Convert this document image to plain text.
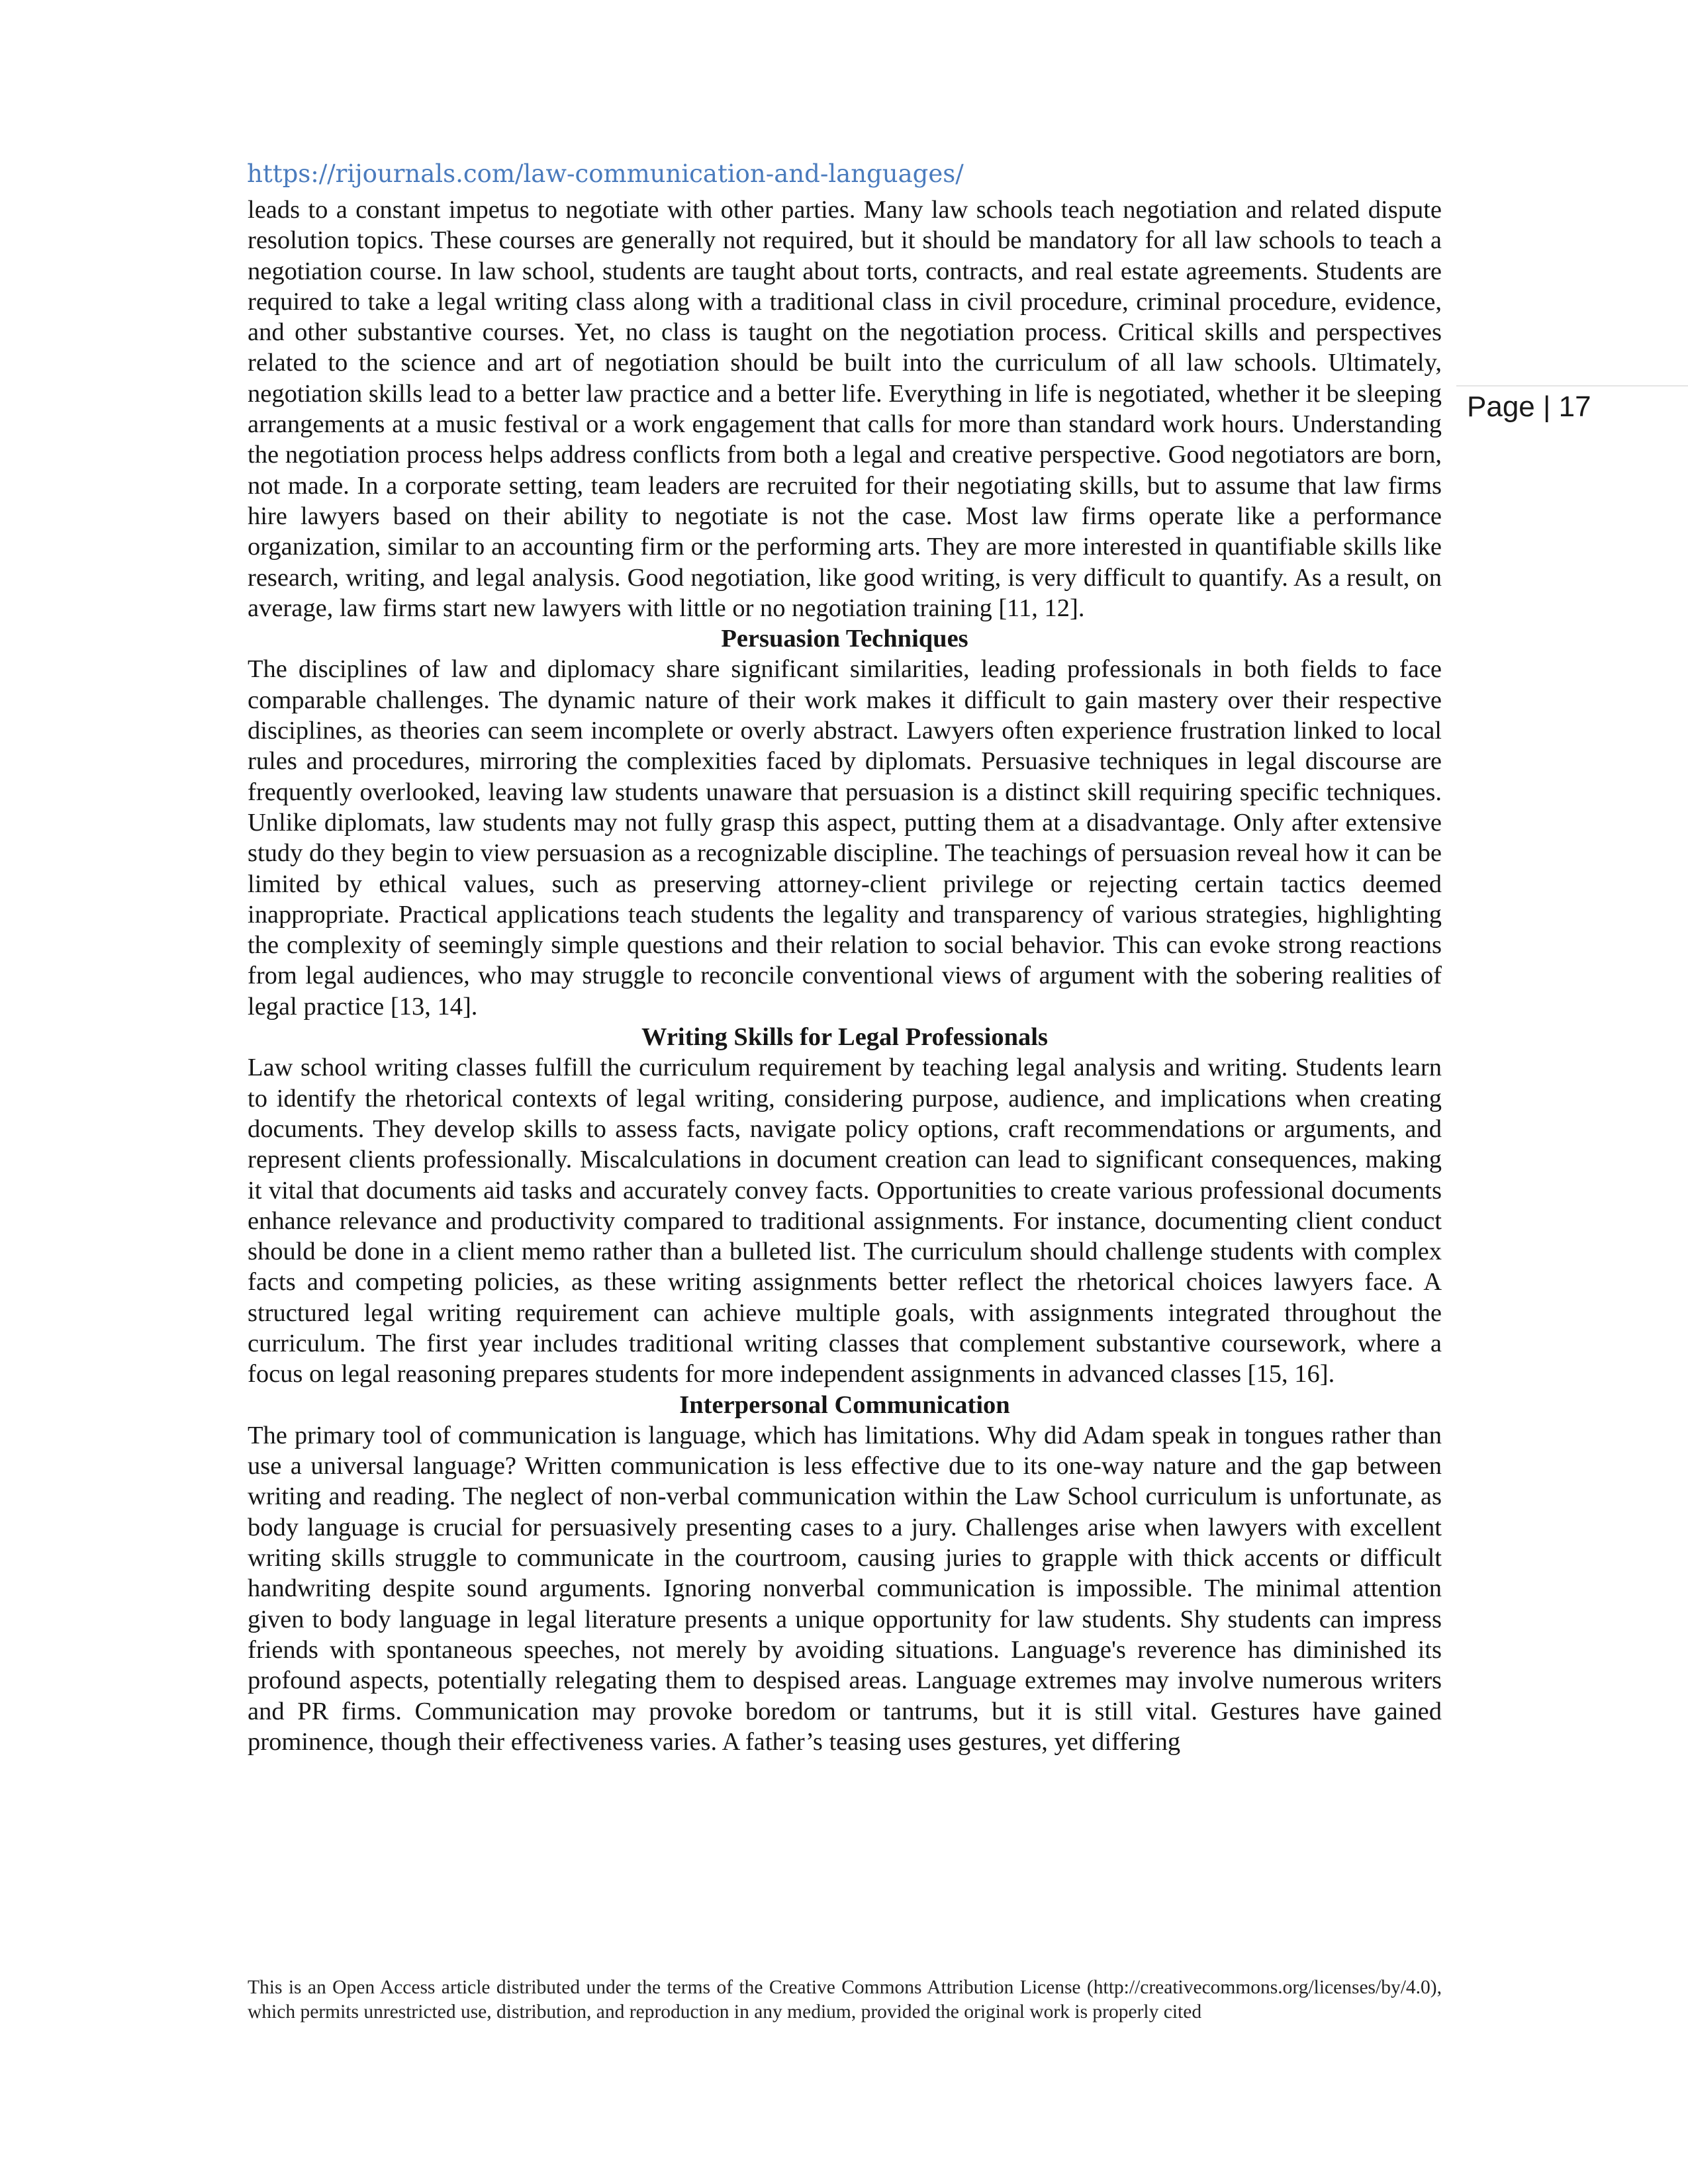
https://rijournals.com/law-communication-and-languages/
Page | 17

leads to a constant impetus to negotiate with other parties. Many law schools teach negotiation and related dispute resolution topics. These courses are generally not required, but it should be mandatory for all law schools to teach a negotiation course. In law school, students are taught about torts, contracts, and real estate agreements. Students are required to take a legal writing class along with a traditional class in civil procedure, criminal procedure, evidence, and other substantive courses. Yet, no class is taught on the negotiation process. Critical skills and perspectives related to the science and art of negotiation should be built into the curriculum of all law schools. Ultimately, negotiation skills lead to a better law practice and a better life. Everything in life is negotiated, whether it be sleeping arrangements at a music festival or a work engagement that calls for more than standard work hours. Understanding the negotiation process helps address conflicts from both a legal and creative perspective. Good negotiators are born, not made. In a corporate setting, team leaders are recruited for their negotiating skills, but to assume that law firms hire lawyers based on their ability to negotiate is not the case. Most law firms operate like a performance organization, similar to an accounting firm or the performing arts. They are more interested in quantifiable skills like research, writing, and legal analysis. Good negotiation, like good writing, is very difficult to quantify. As a result, on average, law firms start new lawyers with little or no negotiation training [11, 12].

Persuasion Techniques

The disciplines of law and diplomacy share significant similarities, leading professionals in both fields to face comparable challenges. The dynamic nature of their work makes it difficult to gain mastery over their respective disciplines, as theories can seem incomplete or overly abstract. Lawyers often experience frustration linked to local rules and procedures, mirroring the complexities faced by diplomats. Persuasive techniques in legal discourse are frequently overlooked, leaving law students unaware that persuasion is a distinct skill requiring specific techniques. Unlike diplomats, law students may not fully grasp this aspect, putting them at a disadvantage. Only after extensive study do they begin to view persuasion as a recognizable discipline. The teachings of persuasion reveal how it can be limited by ethical values, such as preserving attorney-client privilege or rejecting certain tactics deemed inappropriate. Practical applications teach students the legality and transparency of various strategies, highlighting the complexity of seemingly simple questions and their relation to social behavior. This can evoke strong reactions from legal audiences, who may struggle to reconcile conventional views of argument with the sobering realities of legal practice [13, 14].

Writing Skills for Legal Professionals

Law school writing classes fulfill the curriculum requirement by teaching legal analysis and writing. Students learn to identify the rhetorical contexts of legal writing, considering purpose, audience, and implications when creating documents. They develop skills to assess facts, navigate policy options, craft recommendations or arguments, and represent clients professionally. Miscalculations in document creation can lead to significant consequences, making it vital that documents aid tasks and accurately convey facts. Opportunities to create various professional documents enhance relevance and productivity compared to traditional assignments. For instance, documenting client conduct should be done in a client memo rather than a bulleted list. The curriculum should challenge students with complex facts and competing policies, as these writing assignments better reflect the rhetorical choices lawyers face. A structured legal writing requirement can achieve multiple goals, with assignments integrated throughout the curriculum. The first year includes traditional writing classes that complement substantive coursework, where a focus on legal reasoning prepares students for more independent assignments in advanced classes [15, 16].

Interpersonal Communication

The primary tool of communication is language, which has limitations. Why did Adam speak in tongues rather than use a universal language? Written communication is less effective due to its one-way nature and the gap between writing and reading. The neglect of non-verbal communication within the Law School curriculum is unfortunate, as body language is crucial for persuasively presenting cases to a jury. Challenges arise when lawyers with excellent writing skills struggle to communicate in the courtroom, causing juries to grapple with thick accents or difficult handwriting despite sound arguments. Ignoring nonverbal communication is impossible. The minimal attention given to body language in legal literature presents a unique opportunity for law students. Shy students can impress friends with spontaneous speeches, not merely by avoiding situations. Language's reverence has diminished its profound aspects, potentially relegating them to despised areas. Language extremes may involve numerous writers and PR firms. Communication may provoke boredom or tantrums, but it is still vital. Gestures have gained prominence, though their effectiveness varies. A father’s teasing uses gestures, yet differing

This is an Open Access article distributed under the terms of the Creative Commons Attribution License (http://creativecommons.org/licenses/by/4.0), which permits unrestricted use, distribution, and reproduction in any medium, provided the original work is properly cited
